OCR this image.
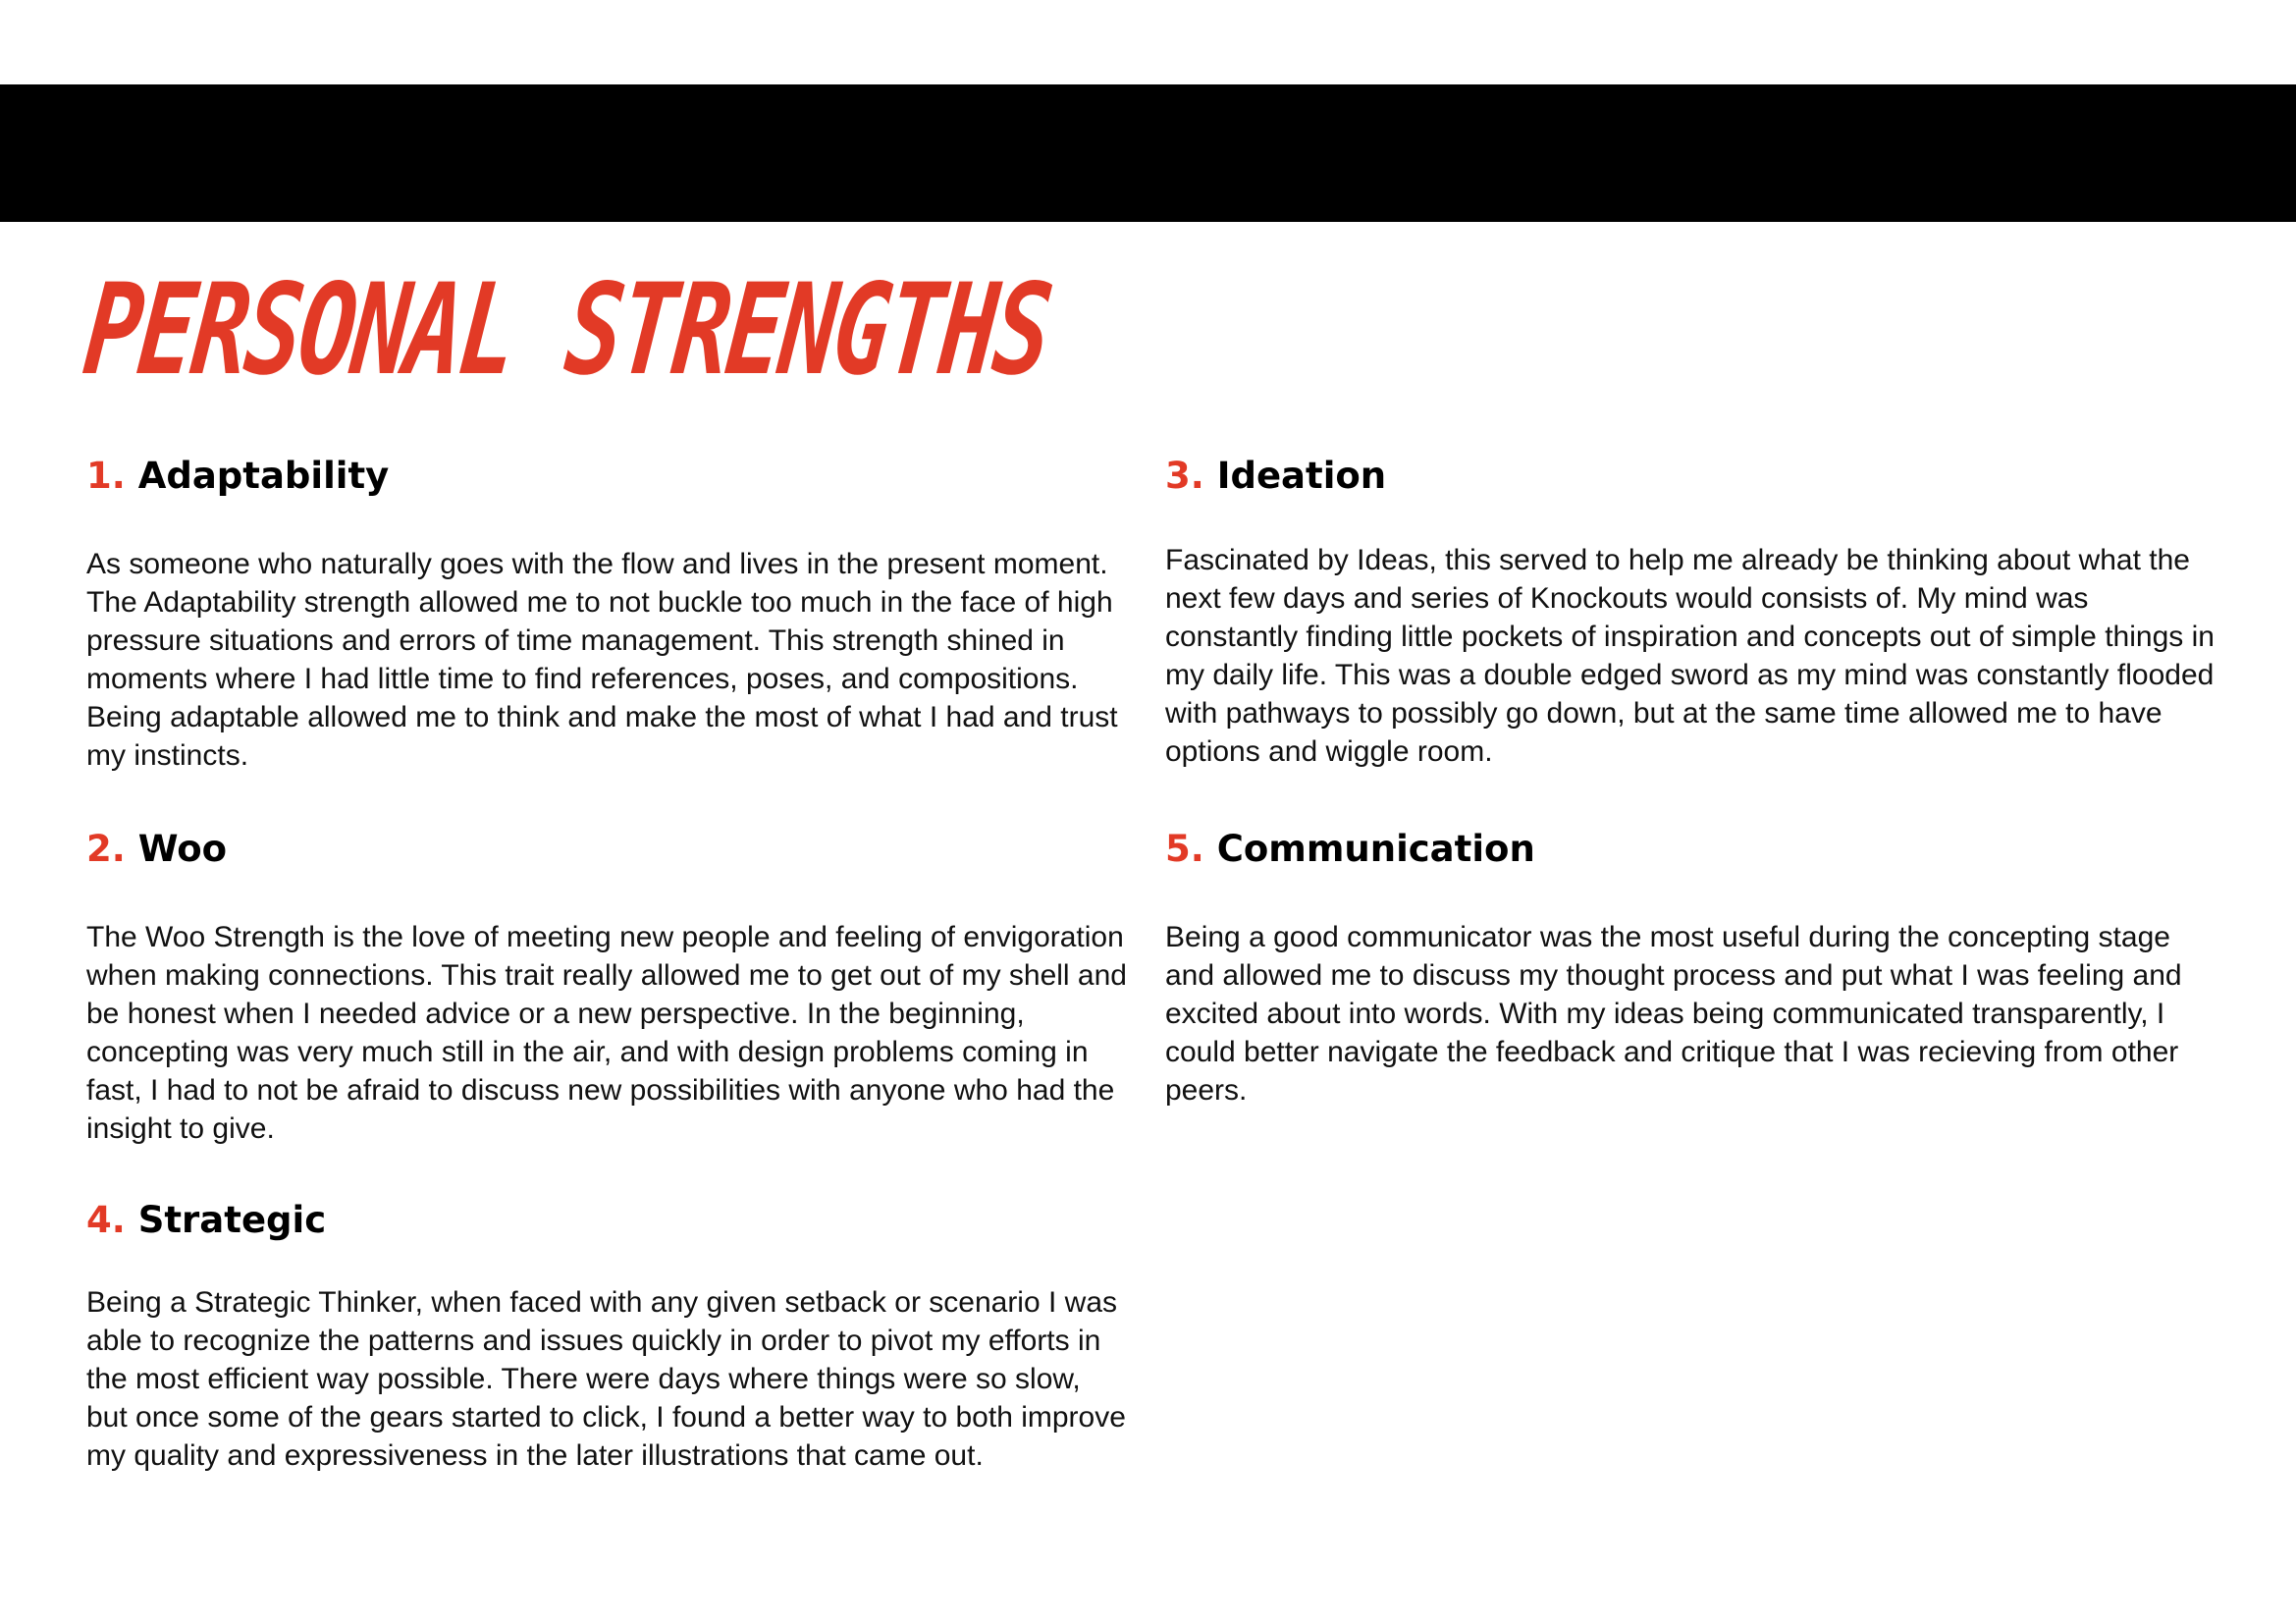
PERSONAL STRENGTHS
1. Adaptability

As someone who naturally goes with the flow and lives in the present moment. The Adaptability strength allowed me to not buckle too much in the face of high pressure situations and errors of time management. This strength shined in moments where I had little time to find references, poses, and compositions. Being adaptable allowed me to think and make the most of what I had and trust my instincts.

2. Woo

The Woo Strength is the love of meeting new people and feeling of envigoration when making connections. This trait really allowed me to get out of my shell and be honest when I needed advice or a new perspective. In the beginning, concepting was very much still in the air, and with design problems coming in fast, I had to not be afraid to discuss new possibilities with anyone who had the insight to give.

4. Strategic

Being a Strategic Thinker, when faced with any given setback or scenario I was able to recognize the patterns and issues quickly in order to pivot my efforts in the most efficient way possible. There were days where things were so slow, but once some of the gears started to click, I found a better way to both improve my quality and expressiveness in the later illustrations that came out.

3. Ideation

Fascinated by Ideas, this served to help me already be thinking about what the next few days and series of Knockouts would consists of. My mind was constantly finding little pockets of inspiration and concepts out of simple things in my daily life. This was a double edged sword as my mind was constantly flooded with pathways to possibly go down, but at the same time allowed me to have options and wiggle room.

5. Communication

Being a good communicator was the most useful during the concepting stage and allowed me to discuss my thought process and put what I was feeling and excited about into words. With my ideas being communicated transparently, I could better navigate the feedback and critique that I was recieving from other peers.
